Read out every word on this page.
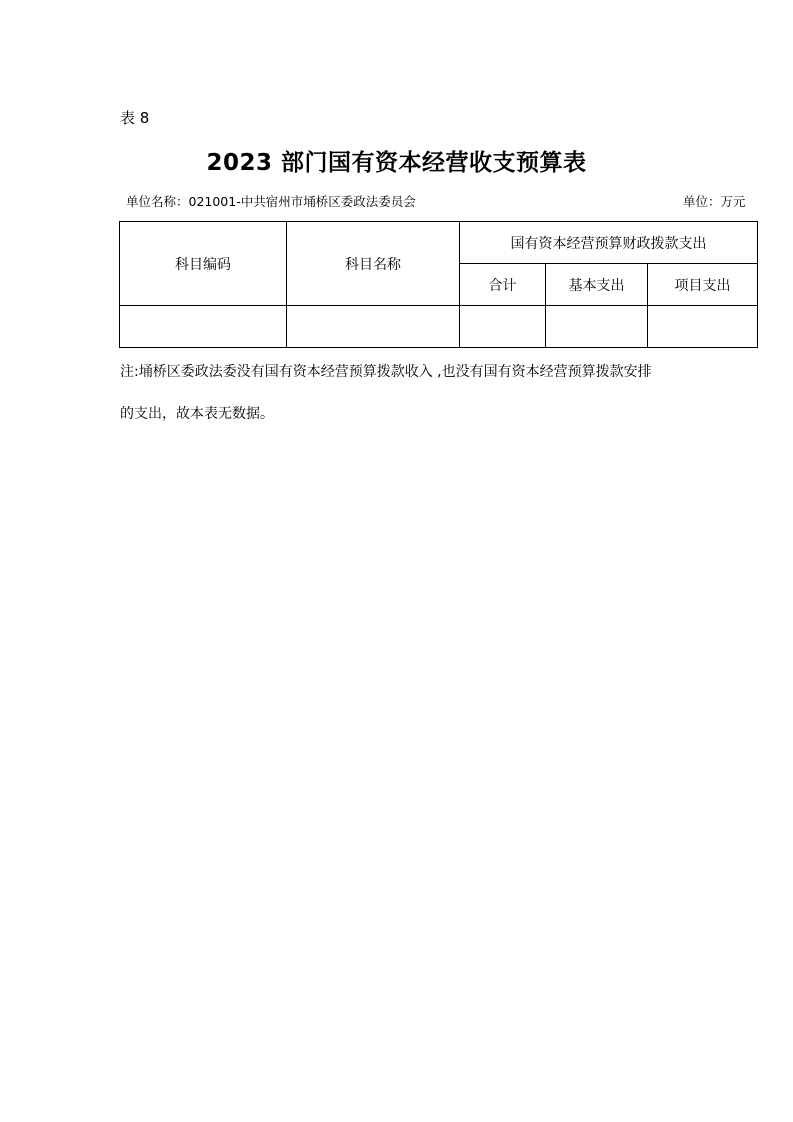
表 8
2023 部门国有资本经营收支预算表
单位名称：021001-中共宿州市埇桥区委政法委员会	单位：万元
科目编码	科目名称	国有资本经营预算财政拨款支出		
		合计	基本支出	项目支出

注:埇桥区委政法委没有国有资本经营预算拨款收入 ,也没有国有资本经营预算拨款安排
的支出，故本表无数据。
